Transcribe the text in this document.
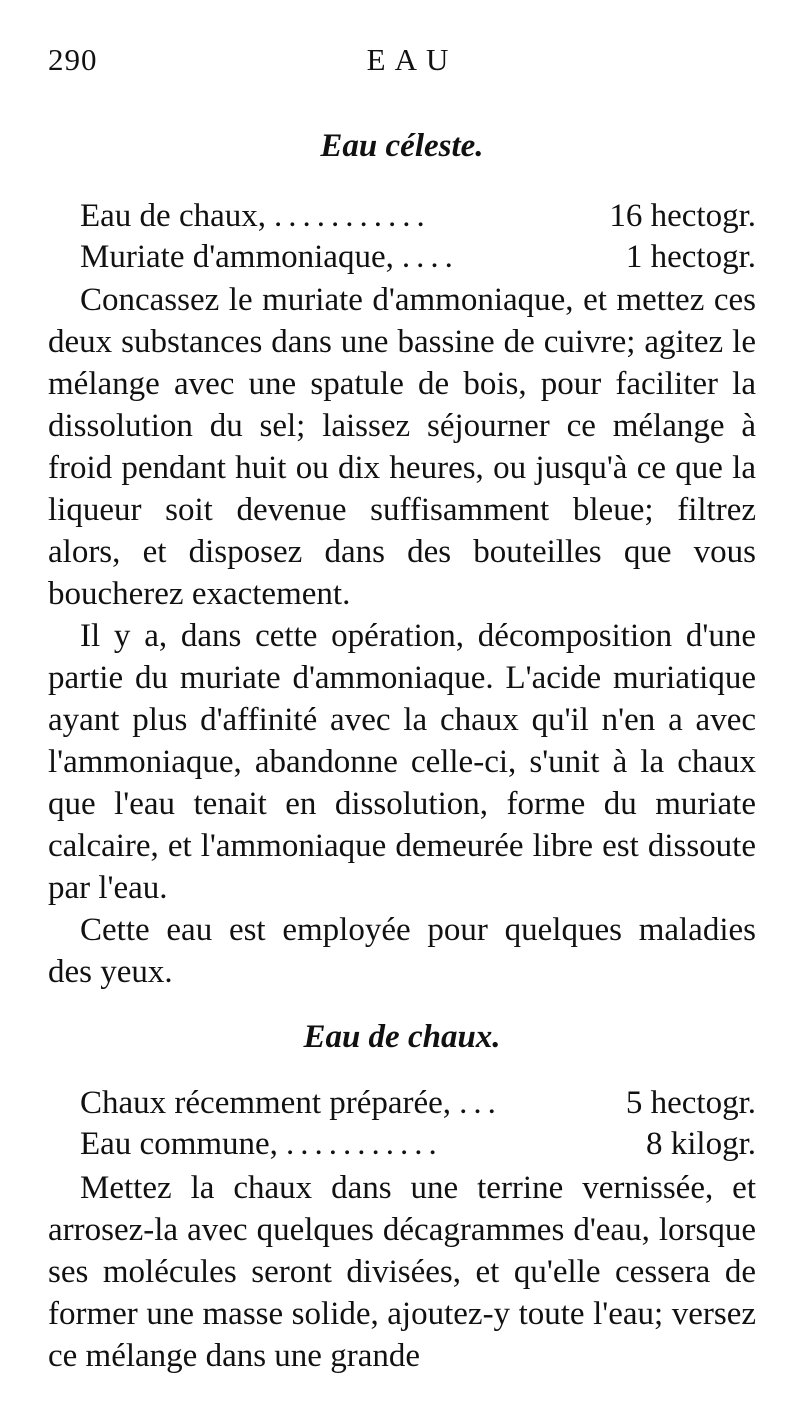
290	EAU
Eau céleste.
Eau de chaux, ...........	16 hectogr.
Muriate d'ammoniaque, ....	1 hectogr.

Concassez le muriate d'ammoniaque, et mettez ces deux substances dans une bassine de cuivre; agitez le mélange avec une spatule de bois, pour faciliter la dissolution du sel; laissez séjourner ce mélange à froid pendant huit ou dix heures, ou jusqu'à ce que la liqueur soit devenue suffisamment bleue; filtrez alors, et disposez dans des bouteilles que vous boucherez exactement.

Il y a, dans cette opération, décomposition d'une partie du muriate d'ammoniaque. L'acide muriatique ayant plus d'affinité avec la chaux qu'il n'en a avec l'ammoniaque, abandonne celle-ci, s'unit à la chaux que l'eau tenait en dissolution, forme du muriate calcaire, et l'ammoniaque demeurée libre est dissoute par l'eau.

Cette eau est employée pour quelques maladies des yeux.

Eau de chaux.
Chaux récemment préparée, ...	5 hectogr.
Eau commune, ...........	8 kilogr.

Mettez la chaux dans une terrine vernissée, et arrosez-la avec quelques décagrammes d'eau, lorsque ses molécules seront divisées, et qu'elle cessera de former une masse solide, ajoutez-y toute l'eau; versez ce mélange dans une grande
